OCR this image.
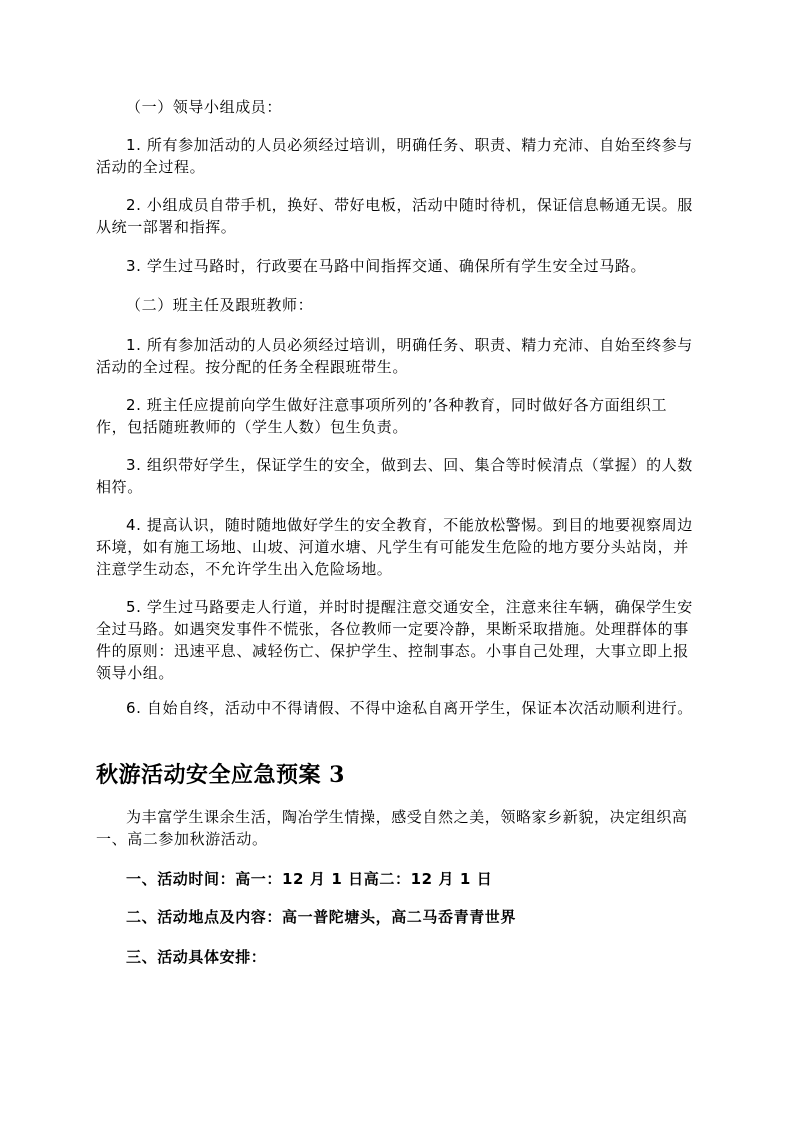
（一）领导小组成员：

1. 所有参加活动的人员必须经过培训，明确任务、职责、精力充沛、自始至终参与活动的全过程。

2. 小组成员自带手机，换好、带好电板，活动中随时待机，保证信息畅通无误。服从统一部署和指挥。

3. 学生过马路时，行政要在马路中间指挥交通、确保所有学生安全过马路。

（二）班主任及跟班教师：

1. 所有参加活动的人员必须经过培训，明确任务、职责、精力充沛、自始至终参与活动的全过程。按分配的任务全程跟班带生。

2. 班主任应提前向学生做好注意事项所列的’各种教育，同时做好各方面组织工作，包括随班教师的（学生人数）包生负责。

3. 组织带好学生，保证学生的安全，做到去、回、集合等时候清点（掌握）的人数相符。

4. 提高认识，随时随地做好学生的安全教育，不能放松警惕。到目的地要视察周边环境，如有施工场地、山坡、河道水塘、凡学生有可能发生危险的地方要分头站岗，并注意学生动态，不允许学生出入危险场地。

5. 学生过马路要走人行道，并时时提醒注意交通安全，注意来往车辆，确保学生安全过马路。如遇突发事件不慌张，各位教师一定要冷静，果断采取措施。处理群体的事件的原则：迅速平息、减轻伤亡、保护学生、控制事态。小事自己处理，大事立即上报领导小组。

6. 自始自终，活动中不得请假、不得中途私自离开学生，保证本次活动顺利进行。

秋游活动安全应急预案 3

为丰富学生课余生活，陶冶学生情操，感受自然之美，领略家乡新貌，决定组织高一、高二参加秋游活动。

一、活动时间：高一：12 月 1 日高二：12 月 1 日

二、活动地点及内容：高一普陀塘头，高二马岙青青世界

三、活动具体安排：
